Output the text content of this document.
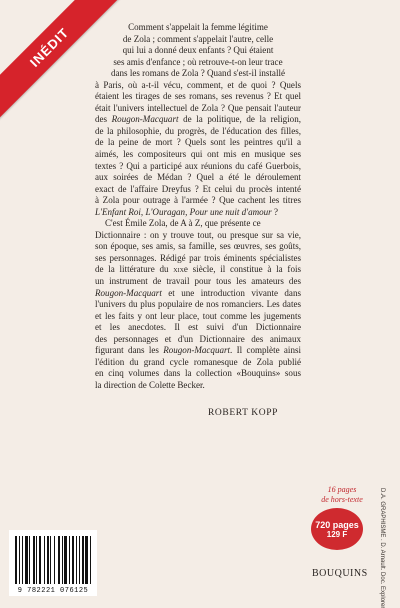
INÉDIT	Comment s'appelait la femme légitime
de Zola ; comment s'appelait l'autre, celle
qui lui a donné deux enfants ? Qui étaient
ses amis d'enfance ; où retrouve-t-on leur trace
dans les romans de Zola ? Quand s'est-il installé
à Paris, où a-t-il vécu, comment, et de quoi ? Quels
étaient les tirages de ses romans, ses revenus ? Et quel
était l'univers intellectuel de Zola ? Que pensait l'auteur
des Rougon-Macquart de la politique, de la religion,
de la philosophie, du progrès, de l'éducation des filles,
de la peine de mort ? Quels sont les peintres qu'il a
aimés, les compositeurs qui ont mis en musique ses
textes ? Qui a participé aux réunions du café Guerbois,
aux soirées de Médan ? Quel a été le déroulement
exact de l'affaire Dreyfus ? Et celui du procès intenté
à Zola pour outrage à l'armée ? Que cachent les titres
L'Enfant Roi, L'Ouragan, Pour une nuit d'amour ?

C'est Émile Zola, de A à Z, que présente ce
Dictionnaire : on y trouve tout, ou presque sur sa vie,
son époque, ses amis, sa famille, ses œuvres, ses goûts,
ses personnages. Rédigé par trois éminents spécialistes
de la littérature du xixe siècle, il constitue à la fois
un instrument de travail pour tous les amateurs des
Rougon-Macquart et une introduction vivante dans
l'univers du plus populaire de nos romanciers. Les dates
et les faits y ont leur place, tout comme les jugements
et les anecdotes. Il est suivi d'un Dictionnaire
des personnages et d'un Dictionnaire des animaux
figurant dans les Rougon-Macquart. Il complète ainsi
l'édition du grand cycle romanesque de Zola publié
en cinq volumes dans la collection «Bouquins» sous
la direction de Colette Becker.

ROBERT KOPP
16 pages
de hors-texte
720 pages
129 F
BOUQUINS	D.A. GRAPHISME . D. Arnault. Doc. Explorer
9 782221 076125
